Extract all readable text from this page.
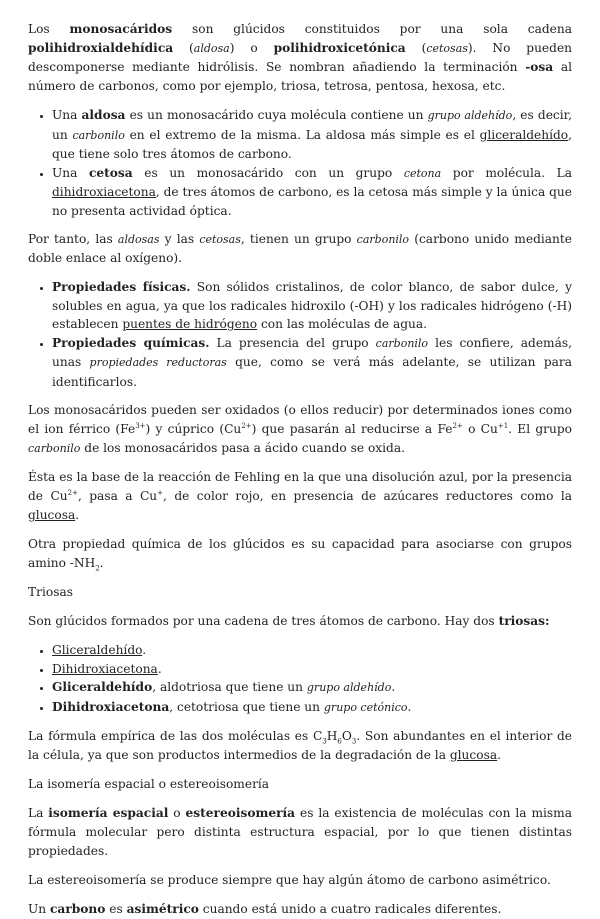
Los monosacáridos son glúcidos constituidos por una sola cadena polihidroxialdehídica (aldosa) o polihidroxicetónica (cetosas). No pueden descomponerse mediante hidrólisis. Se nombran añadiendo la terminación -osa al número de carbonos, como por ejemplo, triosa, tetrosa, pentosa, hexosa, etc.

• Una aldosa es un monosacárido cuya molécula contiene un grupo aldehído, es decir, un carbonilo en el extremo de la misma. La aldosa más simple es el gliceraldehído, que tiene solo tres átomos de carbono.
• Una cetosa es un monosacárido con un grupo cetona por molécula. La dihidroxiacetona, de tres átomos de carbono, es la cetosa más simple y la única que no presenta actividad óptica.

Por tanto, las aldosas y las cetosas, tienen un grupo carbonilo (carbono unido mediante doble enlace al oxígeno).

• Propiedades físicas. Son sólidos cristalinos, de color blanco, de sabor dulce, y solubles en agua, ya que los radicales hidroxilo (-OH) y los radicales hidrógeno (-H) establecen puentes de hidrógeno con las moléculas de agua.
• Propiedades químicas. La presencia del grupo carbonilo les confiere, además, unas propiedades reductoras que, como se verá más adelante, se utilizan para identificarlos.

Los monosacáridos pueden ser oxidados (o ellos reducir) por determinados iones como el ion férrico $(Fe^{3+})$ y cúprico $(Cu^{2+})$ que pasarán al reducirse a $Fe^{2+}$ o $Cu^{+1}$. El grupo carbonilo de los monosacáridos pasa a ácido cuando se oxida.

Ésta es la base de la reacción de Fehling en la que una disolución azul, por la presencia de $Cu^{2+}$, pasa a Cu+, de color rojo, en presencia de azúcares reductores como la glucosa.

Otra propiedad química de los glúcidos es su capacidad para asociarse con grupos amino $-NH_2$.

Triosas

Son glúcidos formados por una cadena de tres átomos de carbono. Hay dos triosas:

• Gliceraldehído.
• Dihidroxiacetona.
• Gliceraldehído, aldotriosa que tiene un grupo aldehído.
• Dihidroxiacetona, cetotriosa que tiene un grupo cetónico.

La fórmula empírica de las dos moléculas es $C_3H_6O_3$. Son abundantes en el interior de la célula, ya que son productos intermedios de la degradación de la glucosa.

La isomería espacial o estereoisomería

La isomería espacial o estereoisomería es la existencia de moléculas con la misma fórmula molecular pero distinta estructura espacial, por lo que tienen distintas propiedades.

La estereoisomería se produce siempre que hay algún átomo de carbono asimétrico.

Un carbono es asimétrico cuando está unido a cuatro radicales diferentes.
